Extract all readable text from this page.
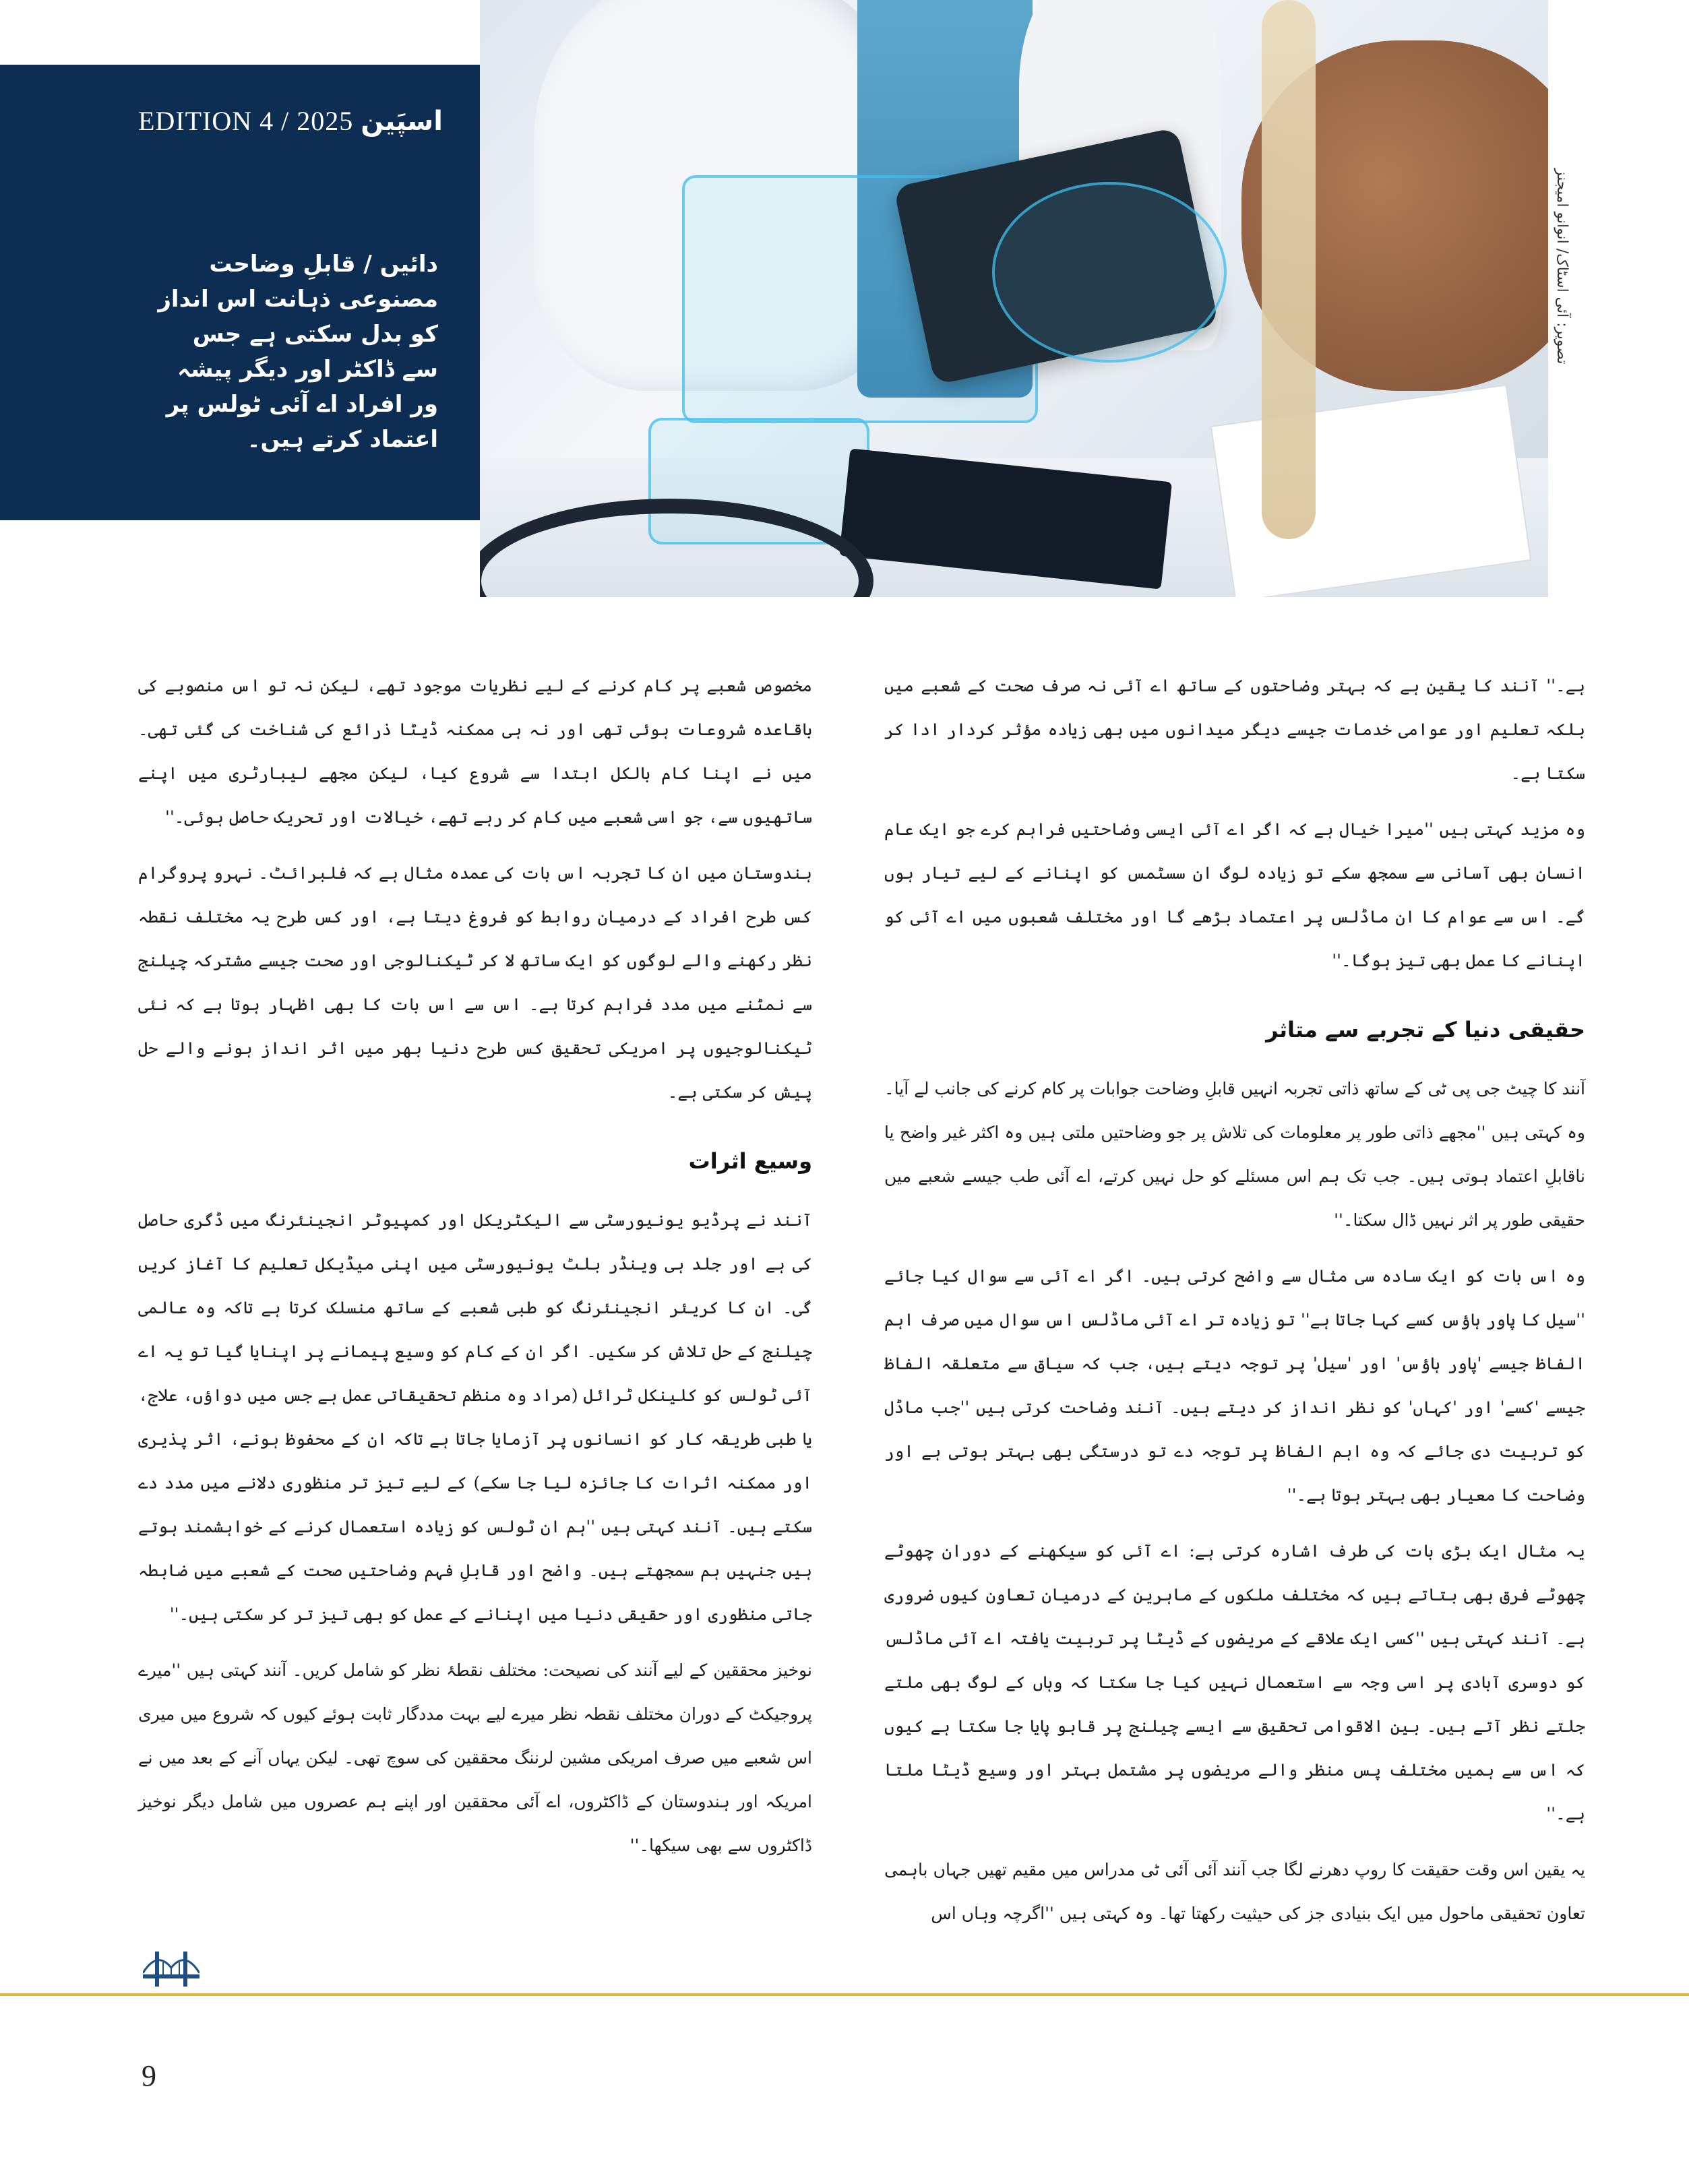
EDITION 4 / 2025 اسپَین
دائیں / قابلِ وضاحت مصنوعی ذہانت اس انداز کو بدل سکتی ہے جس سے ڈاکٹر اور دیگر پیشہ ور افراد اے آئی ٹولس پر اعتماد کرتے ہیں۔
تصویر: آئی اسٹاک/ انوانو امیجنز

ہے۔'' آنند کا یقین ہے کہ بہتر وضاحتوں کے ساتھ اے آئی نہ صرف صحت کے شعبے میں بلکہ تعلیم اور عوامی خدمات جیسے دیگر میدانوں میں بھی زیادہ مؤثر کردار ادا کر سکتا ہے۔

وہ مزید کہتی ہیں ''میرا خیال ہے کہ اگر اے آئی ایسی وضاحتیں فراہم کرے جو ایک عام انسان بھی آسانی سے سمجھ سکے تو زیادہ لوگ ان سسٹمس کو اپنانے کے لیے تیار ہوں گے۔ اس سے عوام کا ان ماڈلس پر اعتماد بڑھے گا اور مختلف شعبوں میں اے آئی کو اپنانے کا عمل بھی تیز ہوگا۔''

حقیقی دنیا کے تجربے سے متاثر

آنند کا چیٹ جی پی ٹی کے ساتھ ذاتی تجربہ انہیں قابلِ وضاحت جوابات پر کام کرنے کی جانب لے آیا۔ وہ کہتی ہیں ''مجھے ذاتی طور پر معلومات کی تلاش پر جو وضاحتیں ملتی ہیں وہ اکثر غیر واضح یا ناقابلِ اعتماد ہوتی ہیں۔ جب تک ہم اس مسئلے کو حل نہیں کرتے، اے آئی طب جیسے شعبے میں حقیقی طور پر اثر نہیں ڈال سکتا۔''

وہ اس بات کو ایک سادہ سی مثال سے واضح کرتی ہیں۔ اگر اے آئی سے سوال کیا جائے ''سیل کا پاور ہاؤس کسے کہا جاتا ہے'' تو زیادہ تر اے آئی ماڈلس اس سوال میں صرف اہم الفاظ جیسے 'پاور ہاؤس' اور 'سیل' پر توجہ دیتے ہیں، جب کہ سیاق سے متعلقہ الفاظ جیسے 'کسے' اور 'کہاں' کو نظر انداز کر دیتے ہیں۔ آنند وضاحت کرتی ہیں ''جب ماڈل کو تربیت دی جائے کہ وہ اہم الفاظ پر توجہ دے تو درستگی بھی بہتر ہوتی ہے اور وضاحت کا معیار بھی بہتر ہوتا ہے۔''

یہ مثال ایک بڑی بات کی طرف اشارہ کرتی ہے: اے آئی کو سیکھنے کے دوران چھوٹے چھوٹے فرق بھی بتاتے ہیں کہ مختلف ملکوں کے ماہرین کے درمیان تعاون کیوں ضروری ہے۔ آنند کہتی ہیں ''کسی ایک علاقے کے مریضوں کے ڈیٹا پر تربیت یافتہ اے آئی ماڈلس کو دوسری آبادی پر اسی وجہ سے استعمال نہیں کیا جا سکتا کہ وہاں کے لوگ بھی ملتے جلتے نظر آتے ہیں۔ بین الاقوامی تحقیق سے ایسے چیلنج پر قابو پایا جا سکتا ہے کیوں کہ اس سے ہمیں مختلف پس منظر والے مریضوں پر مشتمل بہتر اور وسیع ڈیٹا ملتا ہے۔''

یہ یقین اس وقت حقیقت کا روپ دھرنے لگا جب آنند آئی آئی ٹی مدراس میں مقیم تھیں جہاں باہمی تعاون تحقیقی ماحول میں ایک بنیادی جز کی حیثیت رکھتا تھا۔ وہ کہتی ہیں ''اگرچہ وہاں اس

مخصوص شعبے پر کام کرنے کے لیے نظریات موجود تھے، لیکن نہ تو اس منصوبے کی باقاعدہ شروعات ہوئی تھی اور نہ ہی ممکنہ ڈیٹا ذرائع کی شناخت کی گئی تھی۔ میں نے اپنا کام بالکل ابتدا سے شروع کیا، لیکن مجھے لیبارٹری میں اپنے ساتھیوں سے، جو اسی شعبے میں کام کر رہے تھے، خیالات اور تحریک حاصل ہوئی۔''

ہندوستان میں ان کا تجربہ اس بات کی عمدہ مثال ہے کہ فلبرائٹ۔ نہرو پروگرام کس طرح افراد کے درمیان روابط کو فروغ دیتا ہے، اور کس طرح یہ مختلف نقطہ نظر رکھنے والے لوگوں کو ایک ساتھ لا کر ٹیکنالوجی اور صحت جیسے مشترکہ چیلنج سے نمٹنے میں مدد فراہم کرتا ہے۔ اس سے اس بات کا بھی اظہار ہوتا ہے کہ نئی ٹیکنالوجیوں پر امریکی تحقیق کس طرح دنیا بھر میں اثر انداز ہونے والے حل پیش کر سکتی ہے۔

وسیع اثرات

آنند نے پرڈیو یونیورسٹی سے الیکٹریکل اور کمپیوٹر انجینئرنگ میں ڈگری حاصل کی ہے اور جلد ہی وینڈر بلٹ یونیورسٹی میں اپنی میڈیکل تعلیم کا آغاز کریں گی۔ ان کا کریئر انجینئرنگ کو طبی شعبے کے ساتھ منسلک کرتا ہے تاکہ وہ عالمی چیلنج کے حل تلاش کر سکیں۔ اگر ان کے کام کو وسیع پیمانے پر اپنایا گیا تو یہ اے آئی ٹولس کو کلینکل ٹرائل (مراد وہ منظم تحقیقاتی عمل ہے جس میں دواؤں، علاج، یا طبی طریقہ کار کو انسانوں پر آزمایا جاتا ہے تاکہ ان کے محفوظ ہونے، اثر پذیری اور ممکنہ اثرات کا جائزہ لیا جا سکے) کے لیے تیز تر منظوری دلانے میں مدد دے سکتے ہیں۔ آنند کہتی ہیں ''ہم ان ٹولس کو زیادہ استعمال کرنے کے خواہشمند ہوتے ہیں جنہیں ہم سمجھتے ہیں۔ واضح اور قابلِ فہم وضاحتیں صحت کے شعبے میں ضابطہ جاتی منظوری اور حقیقی دنیا میں اپنانے کے عمل کو بھی تیز تر کر سکتی ہیں۔''

نوخیز محققین کے لیے آنند کی نصیحت: مختلف نقطۂ نظر کو شامل کریں۔ آنند کہتی ہیں ''میرے پروجیکٹ کے دوران مختلف نقطہ نظر میرے لیے بہت مددگار ثابت ہوئے کیوں کہ شروع میں میری اس شعبے میں صرف امریکی مشین لرننگ محققین کی سوچ تھی۔ لیکن یہاں آنے کے بعد میں نے امریکہ اور ہندوستان کے ڈاکٹروں، اے آئی محققین اور اپنے ہم عصروں میں شامل دیگر نوخیز ڈاکٹروں سے بھی سیکھا۔''

9
